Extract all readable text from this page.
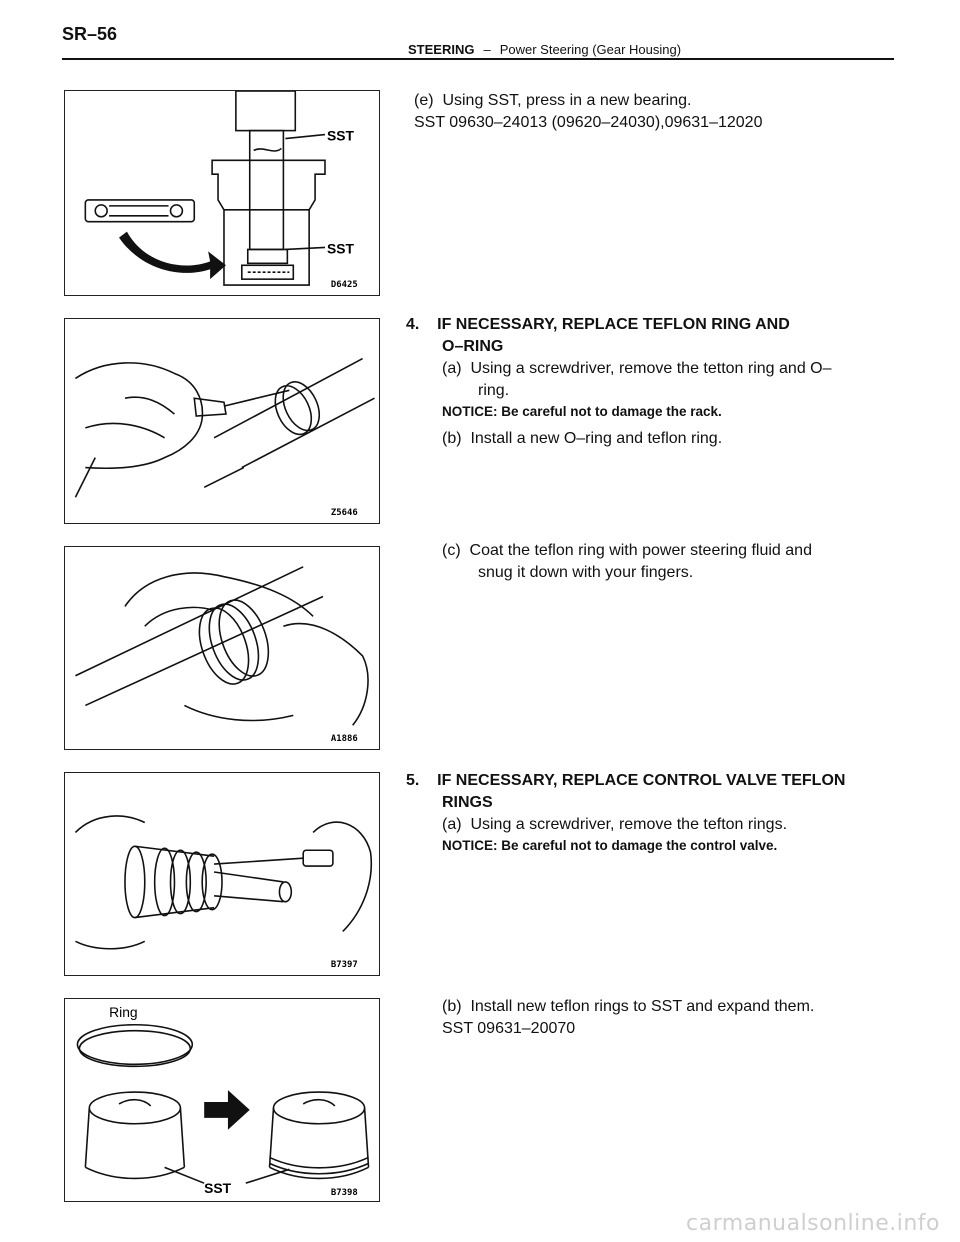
SR–56
STEERING – Power Steering (Gear Housing)
SST
SST
D6425
Z5646
A1886
B7397
Ring
SST	B7398
(e)  Using SST, press in a new bearing.
SST 09630–24013 (09620–24030),09631–12020
4.    IF NECESSARY, REPLACE TEFLON RING AND
O–RING
(a)  Using a screwdriver, remove the tetton ring and O–
ring.
NOTICE: Be careful not to damage the rack.
(b)  Install a new O–ring and teflon ring.
(c)  Coat the teflon ring with power steering fluid and
snug it down with your fingers.
5.    IF NECESSARY, REPLACE CONTROL VALVE TEFLON
RINGS
(a)  Using a screwdriver, remove the tefton rings.
NOTICE: Be careful not to damage the control valve.
(b)  Install new teflon rings to SST and expand them.
SST 09631–20070
carmanualsonline.info
